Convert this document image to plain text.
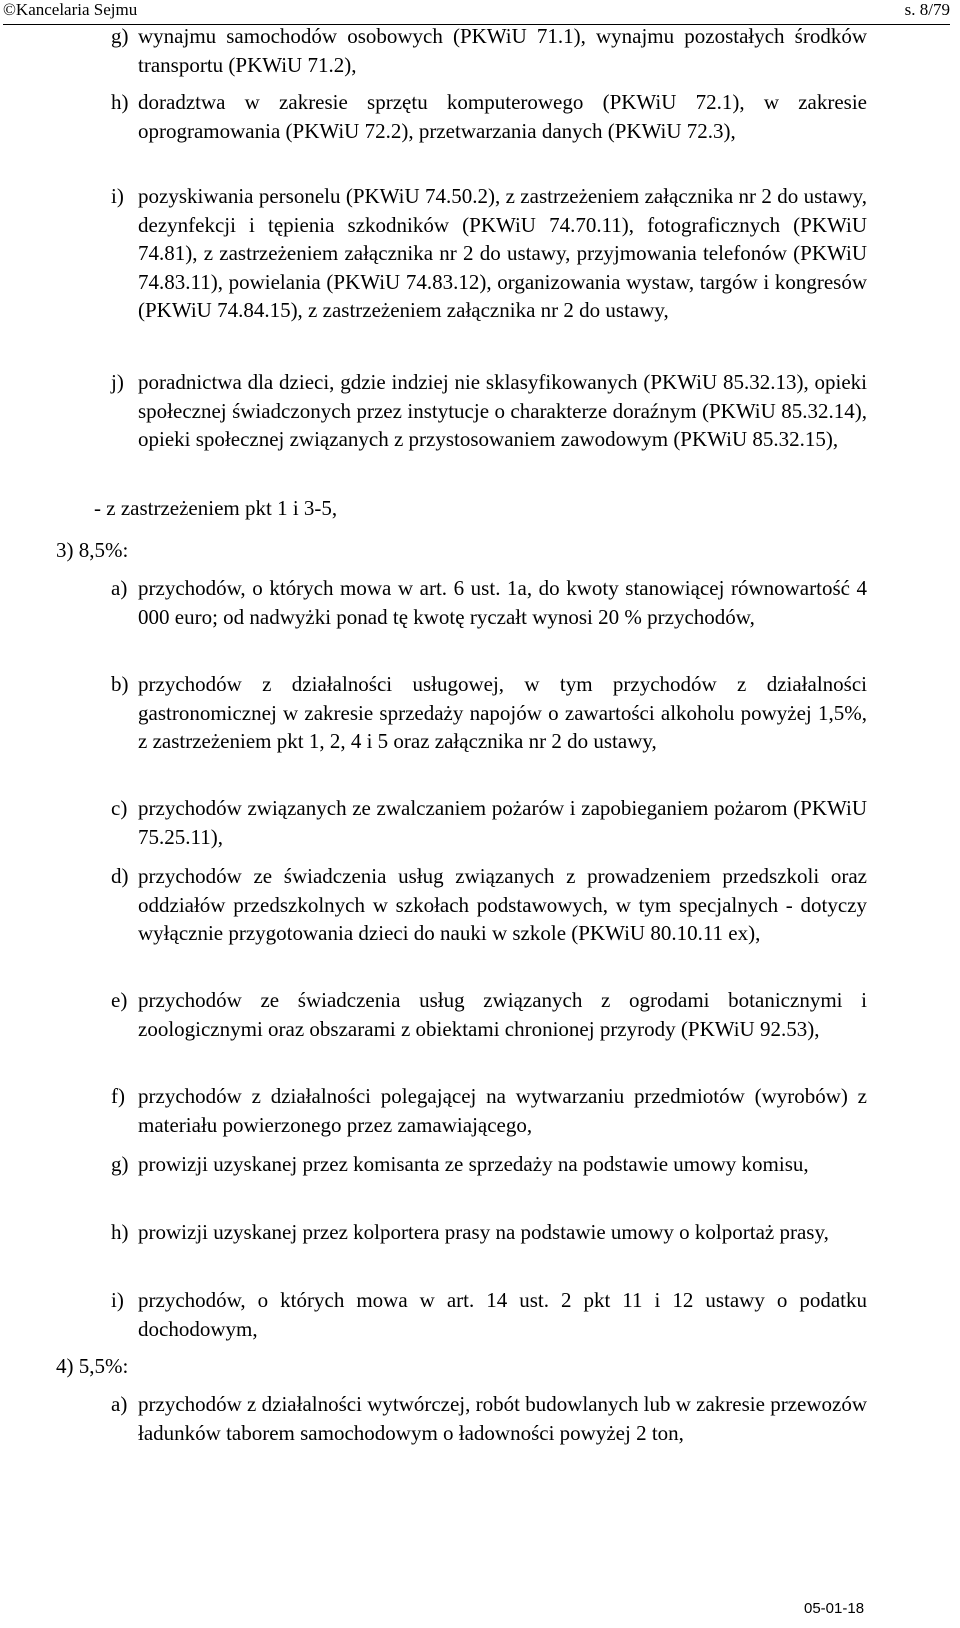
©Kancelaria Sejmu	s. 8/79
g) wynajmu samochodów osobowych (PKWiU 71.1), wynajmu pozostałych środków transportu (PKWiU 71.2),
h) doradztwa w zakresie sprzętu komputerowego (PKWiU 72.1), w zakresie oprogramowania (PKWiU 72.2), przetwarzania danych (PKWiU 72.3),
i) pozyskiwania personelu (PKWiU 74.50.2), z zastrzeżeniem załącznika nr 2 do ustawy, dezynfekcji i tępienia szkodników (PKWiU 74.70.11), fotograficznych (PKWiU 74.81), z zastrzeżeniem załącznika nr 2 do ustawy, przyjmowania telefonów (PKWiU 74.83.11), powielania (PKWiU 74.83.12), organizowania wystaw, targów i kongresów (PKWiU 74.84.15), z zastrzeżeniem załącznika nr 2 do ustawy,
j) poradnictwa dla dzieci, gdzie indziej nie sklasyfikowanych (PKWiU 85.32.13), opieki społecznej świadczonych przez instytucje o charakterze doraźnym (PKWiU 85.32.14), opieki społecznej związanych z przystosowaniem zawodowym (PKWiU 85.32.15),
- z zastrzeżeniem pkt 1 i 3-5,
3) 8,5%:
a) przychodów, o których mowa w art. 6 ust. 1a, do kwoty stanowiącej równowartość 4 000 euro; od nadwyżki ponad tę kwotę ryczałt wynosi 20 % przychodów,
b) przychodów z działalności usługowej, w tym przychodów z działalności gastronomicznej w zakresie sprzedaży napojów o zawartości alkoholu powyżej 1,5%, z zastrzeżeniem pkt 1, 2, 4 i 5 oraz załącznika nr 2 do ustawy,
c) przychodów związanych ze zwalczaniem pożarów i zapobieganiem pożarom (PKWiU 75.25.11),
d) przychodów ze świadczenia usług związanych z prowadzeniem przedszkoli oraz oddziałów przedszkolnych w szkołach podstawowych, w tym specjalnych - dotyczy wyłącznie przygotowania dzieci do nauki w szkole (PKWiU 80.10.11 ex),
e) przychodów ze świadczenia usług związanych z ogrodami botanicznymi i zoologicznymi oraz obszarami z obiektami chronionej przyrody (PKWiU 92.53),
f) przychodów z działalności polegającej na wytwarzaniu przedmiotów (wyrobów) z materiału powierzonego przez zamawiającego,
g) prowizji uzyskanej przez komisanta ze sprzedaży na podstawie umowy komisu,
h) prowizji uzyskanej przez kolportera prasy na podstawie umowy o kolportaż prasy,
i) przychodów, o których mowa w art. 14 ust. 2 pkt 11 i 12 ustawy o podatku dochodowym,
4) 5,5%:
a) przychodów z działalności wytwórczej, robót budowlanych lub w zakresie przewozów ładunków taborem samochodowym o ładowności powyżej 2 ton,
05-01-18
